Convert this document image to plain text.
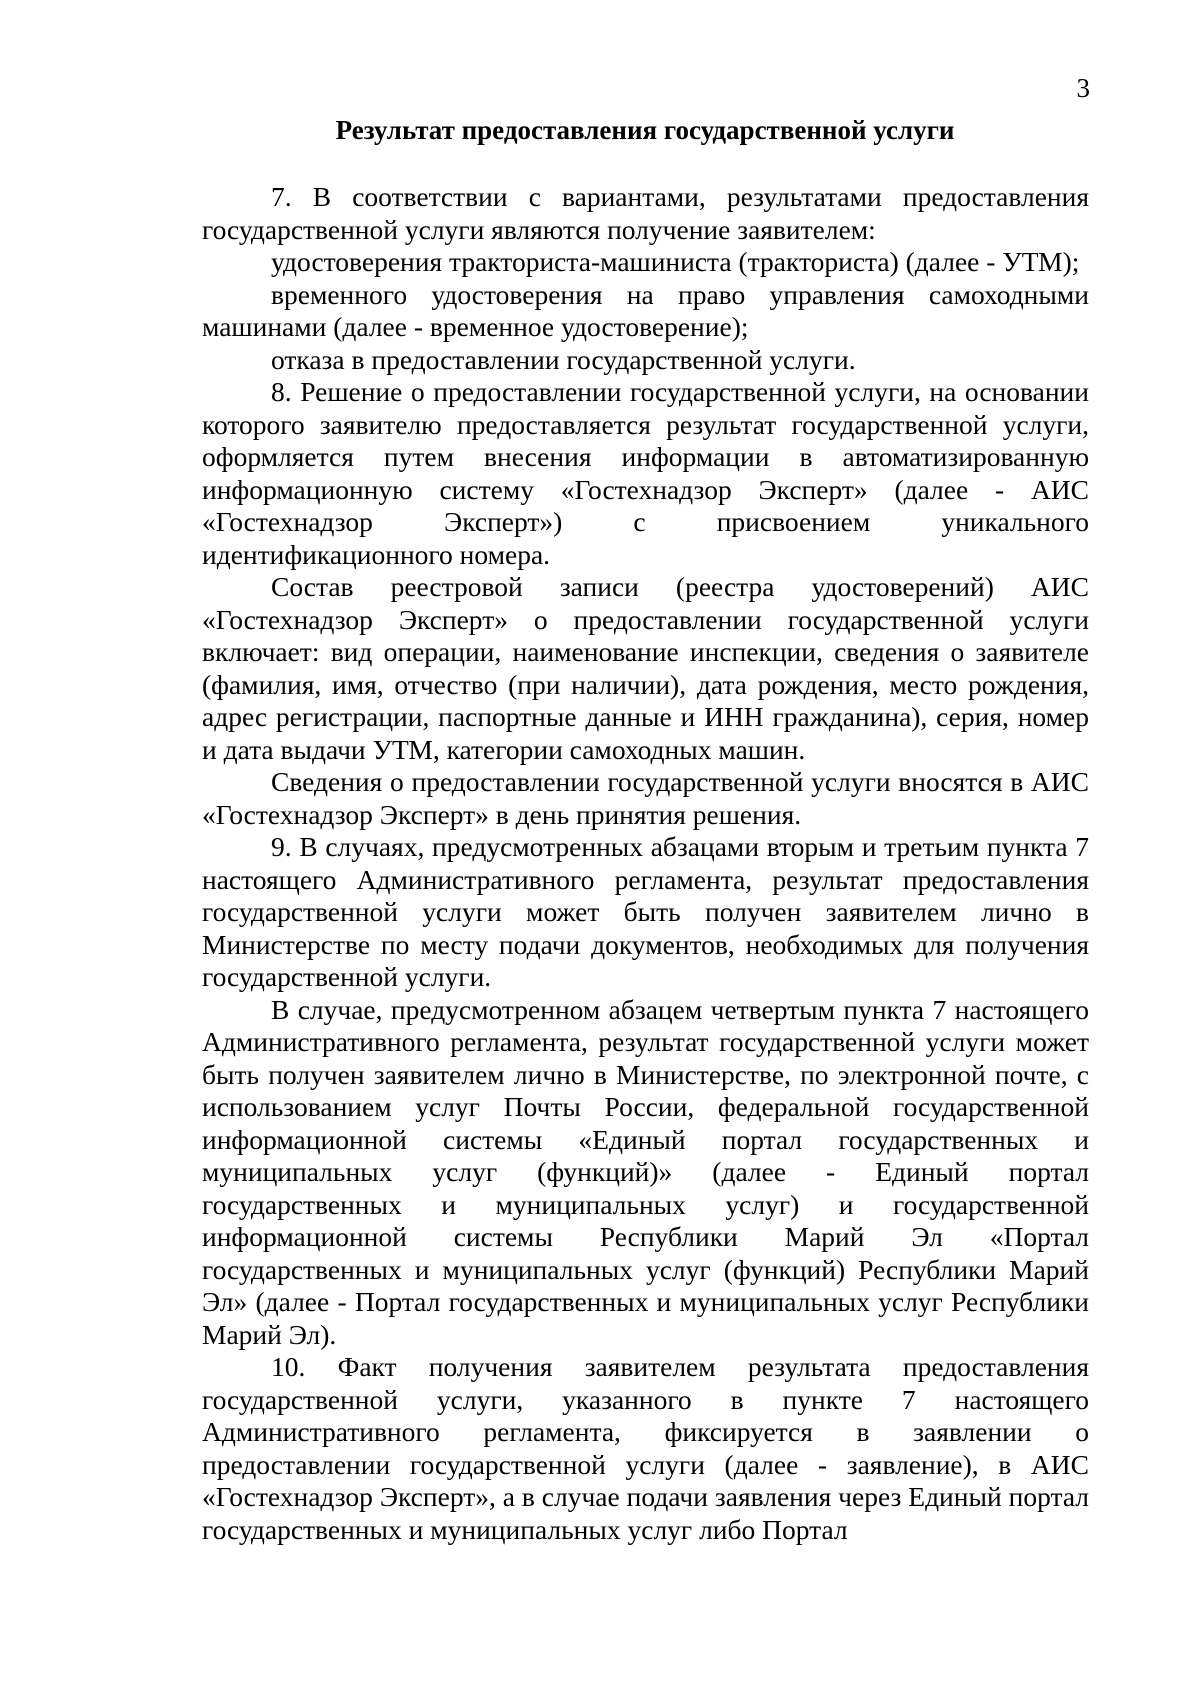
3
Результат предоставления государственной услуги

7. В соответствии с вариантами, результатами предоставления государственной услуги являются получение заявителем:

удостоверения тракториста-машиниста (тракториста) (далее - УТМ);

временного удостоверения на право управления самоходными машинами (далее - временное удостоверение);

отказа в предоставлении государственной услуги.

8. Решение о предоставлении государственной услуги, на основании которого заявителю предоставляется результат государственной услуги, оформляется путем внесения информации в автоматизированную информационную систему «Гостехнадзор Эксперт» (далее - АИС «Гостехнадзор Эксперт») с присвоением уникального идентификационного номера.

Состав реестровой записи (реестра удостоверений) АИС «Гостехнадзор Эксперт» о предоставлении государственной услуги включает: вид операции, наименование инспекции, сведения о заявителе (фамилия, имя, отчество (при наличии), дата рождения, место рождения, адрес регистрации, паспортные данные и ИНН гражданина), серия, номер и дата выдачи УТМ, категории самоходных машин.

Сведения о предоставлении государственной услуги вносятся в АИС «Гостехнадзор Эксперт» в день принятия решения.

9. В случаях, предусмотренных абзацами вторым и третьим пункта 7 настоящего Административного регламента, результат предоставления государственной услуги может быть получен заявителем лично в Министерстве по месту подачи документов, необходимых для получения государственной услуги.

В случае, предусмотренном абзацем четвертым пункта 7 настоящего Административного регламента, результат государственной услуги может быть получен заявителем лично в Министерстве, по электронной почте, с использованием услуг Почты России, федеральной государственной информационной системы «Единый портал государственных и муниципальных услуг (функций)» (далее - Единый портал государственных и муниципальных услуг) и государственной информационной системы Республики Марий Эл «Портал государственных и муниципальных услуг (функций) Республики Марий Эл» (далее - Портал государственных и муниципальных услуг Республики Марий Эл).

10. Факт получения заявителем результата предоставления государственной услуги, указанного в пункте 7 настоящего Административного регламента, фиксируется в заявлении о предоставлении государственной услуги (далее - заявление), в АИС «Гостехнадзор Эксперт», а в случае подачи заявления через Единый портал государственных и муниципальных услуг либо Портал
